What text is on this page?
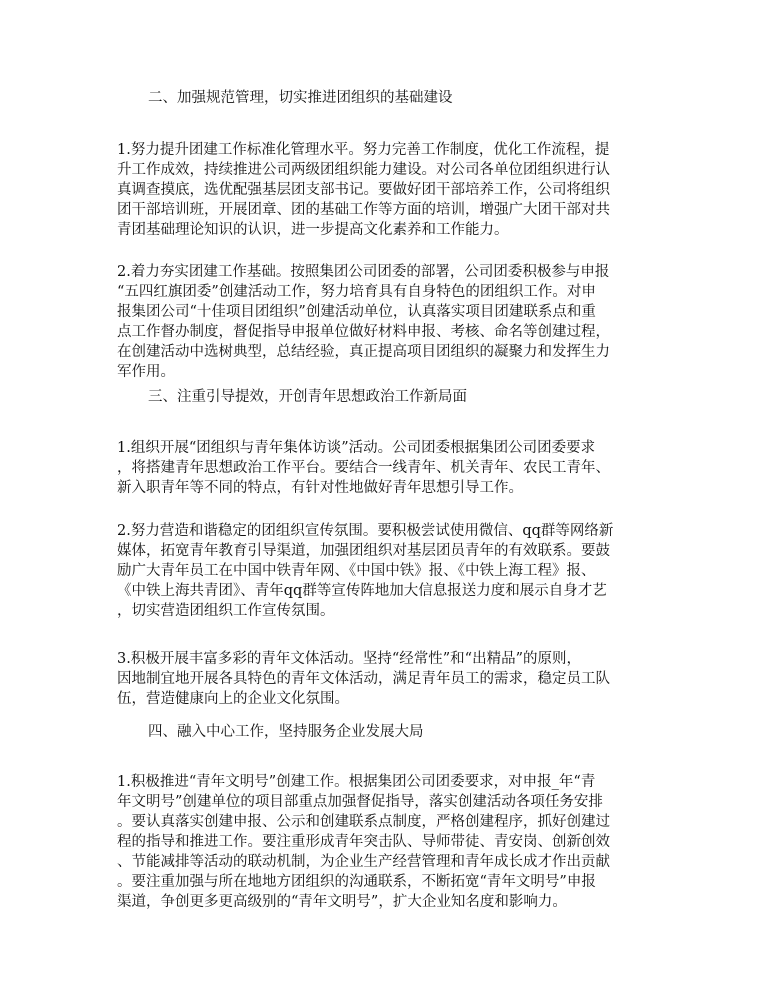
二、加强规范管理，切实推进团组织的基础建设
1.努力提升团建工作标准化管理水平。努力完善工作制度，优化工作流程，提
升工作成效，持续推进公司两级团组织能力建设。对公司各单位团组织进行认
真调查摸底，选优配强基层团支部书记。要做好团干部培养工作，公司将组织
团干部培训班，开展团章、团的基础工作等方面的培训，增强广大团干部对共
青团基础理论知识的认识，进一步提高文化素养和工作能力。
2.着力夯实团建工作基础。按照集团公司团委的部署，公司团委积极参与申报
“五四红旗团委”创建活动工作，努力培育具有自身特色的团组织工作。对申
报集团公司“十佳项目团组织”创建活动单位，认真落实项目团建联系点和重
点工作督办制度，督促指导申报单位做好材料申报、考核、命名等创建过程，
在创建活动中选树典型，总结经验，真正提高项目团组织的凝聚力和发挥生力
军作用。
三、注重引导提效，开创青年思想政治工作新局面
1.组织开展“团组织与青年集体访谈”活动。公司团委根据集团公司团委要求
，将搭建青年思想政治工作平台。要结合一线青年、机关青年、农民工青年、
新入职青年等不同的特点，有针对性地做好青年思想引导工作。
2.努力营造和谐稳定的团组织宣传氛围。要积极尝试使用微信、qq群等网络新
媒体，拓宽青年教育引导渠道，加强团组织对基层团员青年的有效联系。要鼓
励广大青年员工在中国中铁青年网、《中国中铁》报、《中铁上海工程》报、
《中铁上海共青团》、青年qq群等宣传阵地加大信息报送力度和展示自身才艺
，切实营造团组织工作宣传氛围。
3.积极开展丰富多彩的青年文体活动。坚持“经常性”和“出精品”的原则，
因地制宜地开展各具特色的青年文体活动，满足青年员工的需求，稳定员工队
伍，营造健康向上的企业文化氛围。
四、融入中心工作，坚持服务企业发展大局
1.积极推进“青年文明号”创建工作。根据集团公司团委要求，对申报_年“青
年文明号”创建单位的项目部重点加强督促指导，落实创建活动各项任务安排
。要认真落实创建申报、公示和创建联系点制度，严格创建程序，抓好创建过
程的指导和推进工作。要注重形成青年突击队、导师带徒、青安岗、创新创效
、节能减排等活动的联动机制，为企业生产经营管理和青年成长成才作出贡献
。要注重加强与所在地地方团组织的沟通联系，不断拓宽“青年文明号”申报
渠道，争创更多更高级别的“青年文明号”，扩大企业知名度和影响力。
